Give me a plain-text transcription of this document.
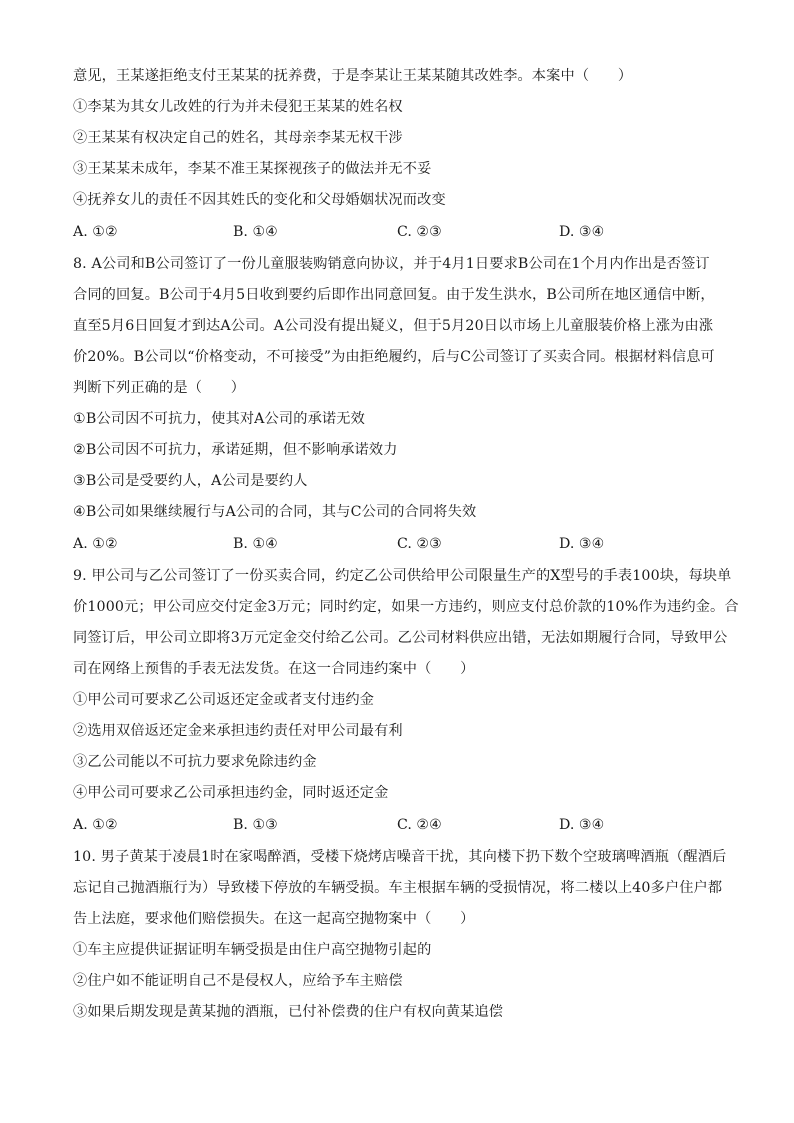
意见，王某遂拒绝支付王某某的抚养费，于是李某让王某某随其改姓李。本案中（　　）
①李某为其女儿改姓的行为并未侵犯王某某的姓名权
②王某某有权决定自己的姓名，其母亲李某无权干涉
③王某某未成年，李某不准王某探视孩子的做法并无不妥
④抚养女儿的责任不因其姓氏的变化和父母婚姻状况而改变
A. ①②	B. ①④	C. ②③	D. ③④
8. A公司和B公司签订了一份儿童服装购销意向协议，并于4月1日要求B公司在1个月内作出是否签订
合同的回复。B公司于4月5日收到要约后即作出同意回复。由于发生洪水，B公司所在地区通信中断，
直至5月6日回复才到达A公司。A公司没有提出疑义，但于5月20日以市场上儿童服装价格上涨为由涨
价20%。B公司以“价格变动，不可接受”为由拒绝履约，后与C公司签订了买卖合同。根据材料信息可
判断下列正确的是（　　）
①B公司因不可抗力，使其对A公司的承诺无效
②B公司因不可抗力，承诺延期，但不影响承诺效力
③B公司是受要约人，A公司是要约人
④B公司如果继续履行与A公司的合同，其与C公司的合同将失效
A. ①②	B. ①④	C. ②③	D. ③④
9. 甲公司与乙公司签订了一份买卖合同，约定乙公司供给甲公司限量生产的X型号的手表100块，每块单
价1000元；甲公司应交付定金3万元；同时约定，如果一方违约，则应支付总价款的10%作为违约金。合
同签订后，甲公司立即将3万元定金交付给乙公司。乙公司材料供应出错，无法如期履行合同，导致甲公
司在网络上预售的手表无法发货。在这一合同违约案中（　　）
①甲公司可要求乙公司返还定金或者支付违约金
②选用双倍返还定金来承担违约责任对甲公司最有利
③乙公司能以不可抗力要求免除违约金
④甲公司可要求乙公司承担违约金，同时返还定金
A. ①②	B. ①③	C. ②④	D. ③④
10. 男子黄某于凌晨1时在家喝醉酒，受楼下烧烤店噪音干扰，其向楼下扔下数个空玻璃啤酒瓶（醒酒后
忘记自己抛酒瓶行为）导致楼下停放的车辆受损。车主根据车辆的受损情况，将二楼以上40多户住户都
告上法庭，要求他们赔偿损失。在这一起高空抛物案中（　　）
①车主应提供证据证明车辆受损是由住户高空抛物引起的
②住户如不能证明自己不是侵权人，应给予车主赔偿
③如果后期发现是黄某抛的酒瓶，已付补偿费的住户有权向黄某追偿
